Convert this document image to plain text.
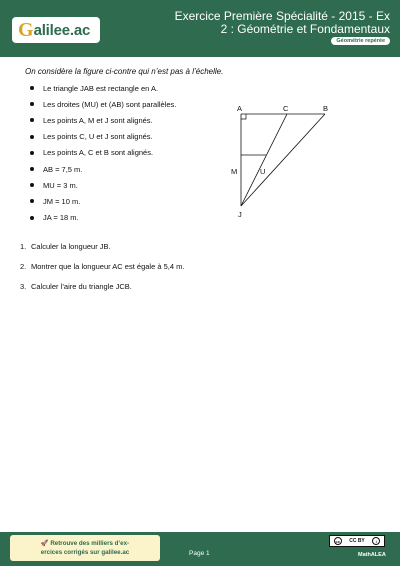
G alilee.ac
Exercice Première Spécialité - 2015 - Ex
2 : Géométrie et Fondamentaux
Géométrie repérée
On considère la figure ci-contre qui n’est pas à l’échelle.
Le triangle JAB est rectangle en A.
Les droites (MU) et (AB) sont parallèles.
Les points A, M et J sont alignés.
Les points C, U et J sont alignés.
Les points A, C et B sont alignés.
AB = 7,5 m.
MU = 3 m.
JM = 10 m.
JA = 18 m.
A	C	B
M	U
J
1. Calculer la longueur JB.
2. Montrer que la longueur AC est égale à 5,4 m.
3. Calculer l’aire du triangle JCB.
🚀 Retrouve des milliers d’ex-
ercices corrigés sur galilee.ac	Page 1
cc	CC BY	i
MathALEA
